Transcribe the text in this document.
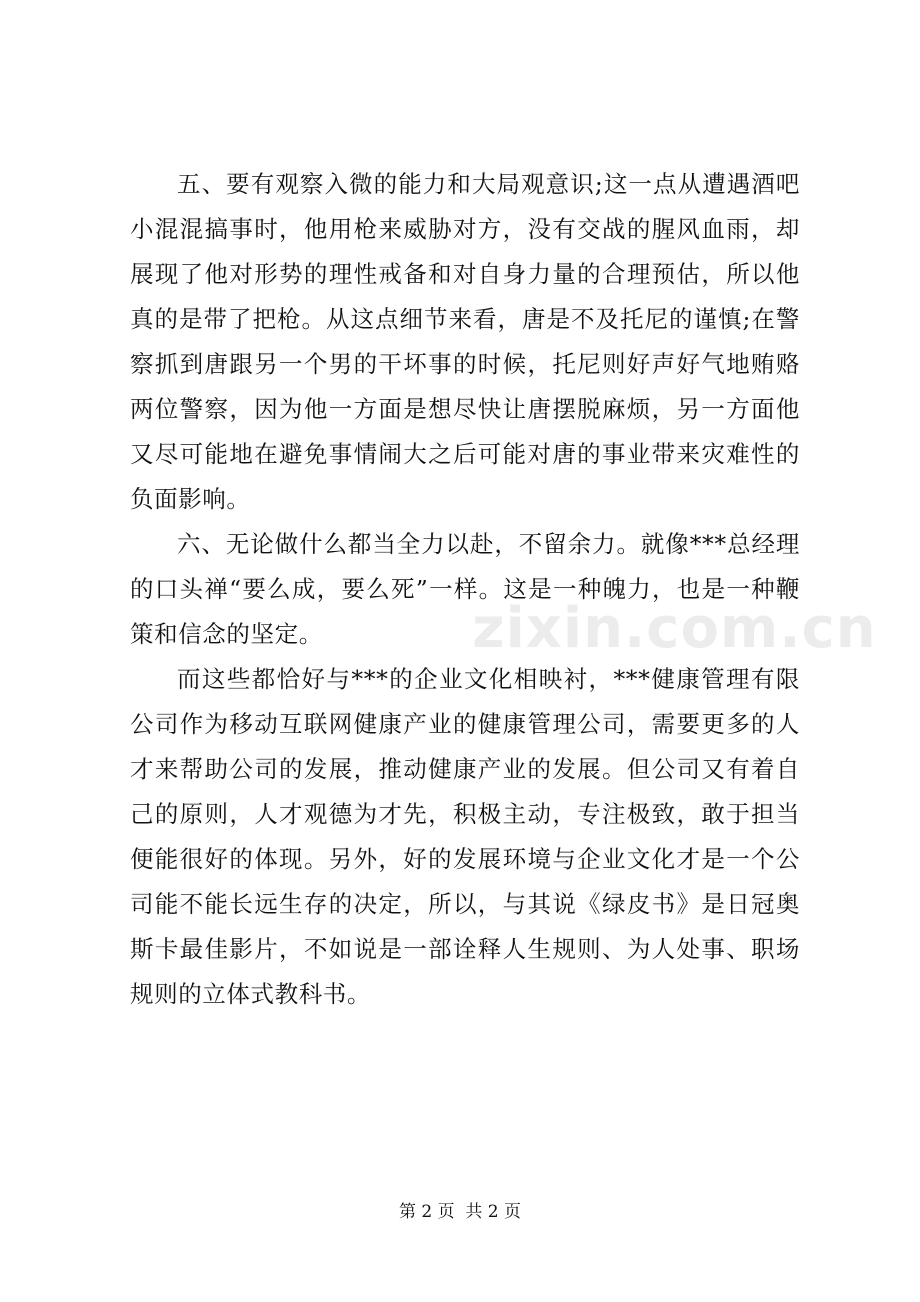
zixin.com.cn

五、要有观察入微的能力和大局观意识;这一点从遭遇酒吧小混混搞事时，他用枪来威胁对方，没有交战的腥风血雨，却展现了他对形势的理性戒备和对自身力量的合理预估，所以他真的是带了把枪。从这点细节来看，唐是不及托尼的谨慎;在警察抓到唐跟另一个男的干坏事的时候，托尼则好声好气地贿赂两位警察，因为他一方面是想尽快让唐摆脱麻烦，另一方面他又尽可能地在避免事情闹大之后可能对唐的事业带来灾难性的负面影响。

六、无论做什么都当全力以赴，不留余力。就像***总经理的口头禅“要么成，要么死”一样。这是一种魄力，也是一种鞭策和信念的坚定。

而这些都恰好与***的企业文化相映衬，***健康管理有限公司作为移动互联网健康产业的健康管理公司，需要更多的人才来帮助公司的发展，推动健康产业的发展。但公司又有着自己的原则，人才观德为才先，积极主动，专注极致，敢于担当便能很好的体现。另外，好的发展环境与企业文化才是一个公司能不能长远生存的决定，所以，与其说《绿皮书》是日冠奥斯卡最佳影片，不如说是一部诠释人生规则、为人处事、职场规则的立体式教科书。

第 2 页  共 2 页
